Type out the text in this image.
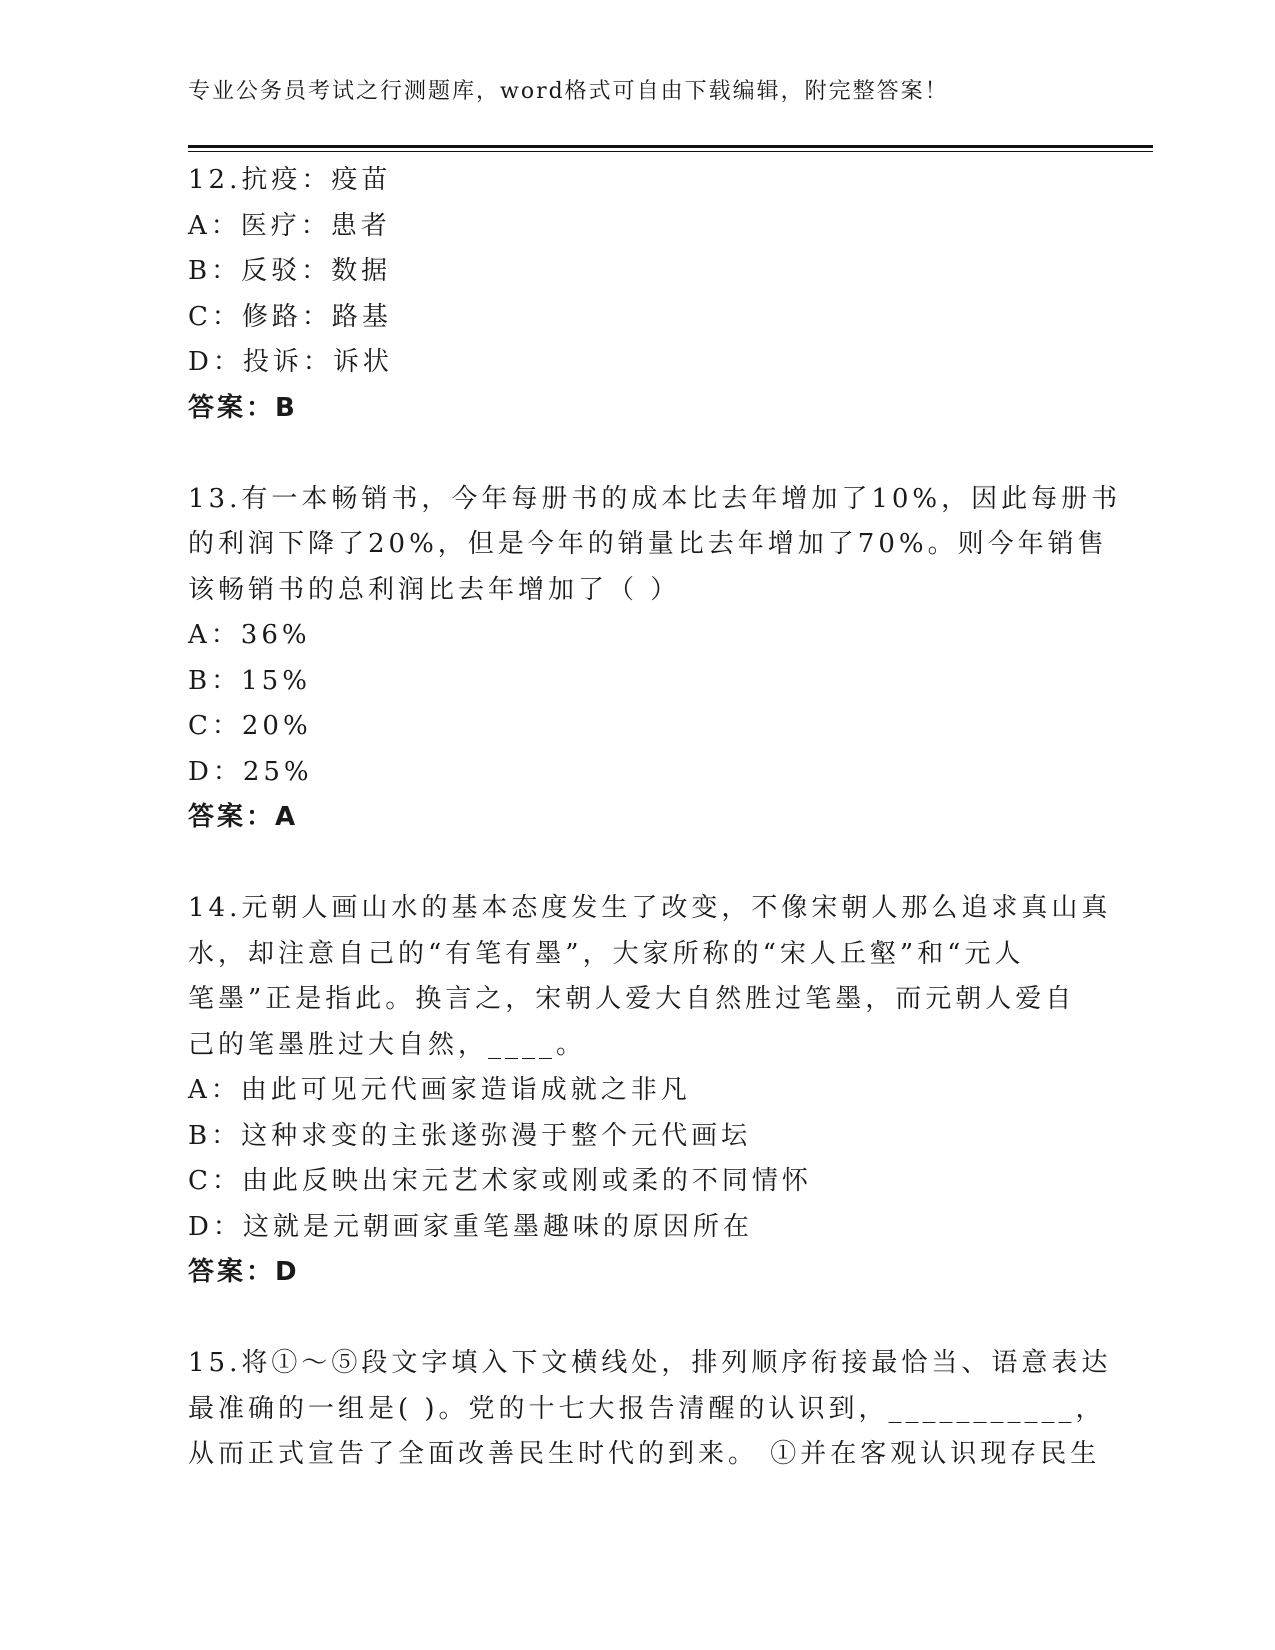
专业公务员考试之行测题库，word格式可自由下载编辑，附完整答案！
12.抗疫：疫苗
A：医疗：患者
B：反驳：数据
C：修路：路基
D：投诉：诉状
答案：B
13.有一本畅销书，今年每册书的成本比去年增加了10%，因此每册书
的利润下降了20%，但是今年的销量比去年增加了70%。则今年销售
该畅销书的总利润比去年增加了（ ）
A：36%
B：15%
C：20%
D：25%
答案：A
14.元朝人画山水的基本态度发生了改变，不像宋朝人那么追求真山真
水，却注意自己的“有笔有墨”，大家所称的“宋人丘壑”和“元人
笔墨”正是指此。换言之，宋朝人爱大自然胜过笔墨，而元朝人爱自
己的笔墨胜过大自然，____。
A：由此可见元代画家造诣成就之非凡
B：这种求变的主张遂弥漫于整个元代画坛
C：由此反映出宋元艺术家或刚或柔的不同情怀
D：这就是元朝画家重笔墨趣味的原因所在
答案：D
15.将①～⑤段文字填入下文横线处，排列顺序衔接最恰当、语意表达
最准确的一组是( )。党的十七大报告清醒的认识到，___________，
从而正式宣告了全面改善民生时代的到来。 ①并在客观认识现存民生
